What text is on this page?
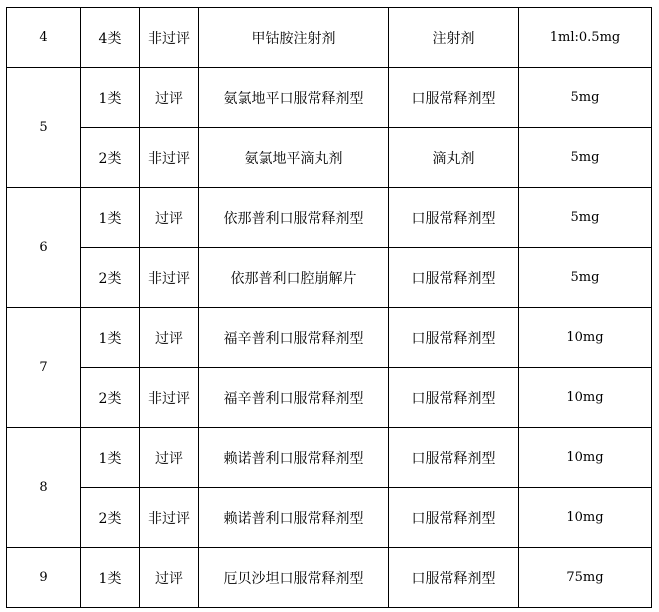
4	4类	非过评	甲钴胺注射剂	注射剂	1ml:0.5mg
5	1类	过评	氨氯地平口服常释剂型	口服常释剂型	5mg
	2类	非过评	氨氯地平滴丸剂	滴丸剂	5mg
6	1类	过评	依那普利口服常释剂型	口服常释剂型	5mg
	2类	非过评	依那普利口腔崩解片	口服常释剂型	5mg
7	1类	过评	福辛普利口服常释剂型	口服常释剂型	10mg
	2类	非过评	福辛普利口服常释剂型	口服常释剂型	10mg
8	1类	过评	赖诺普利口服常释剂型	口服常释剂型	10mg
	2类	非过评	赖诺普利口服常释剂型	口服常释剂型	10mg
9	1类	过评	厄贝沙坦口服常释剂型	口服常释剂型	75mg
